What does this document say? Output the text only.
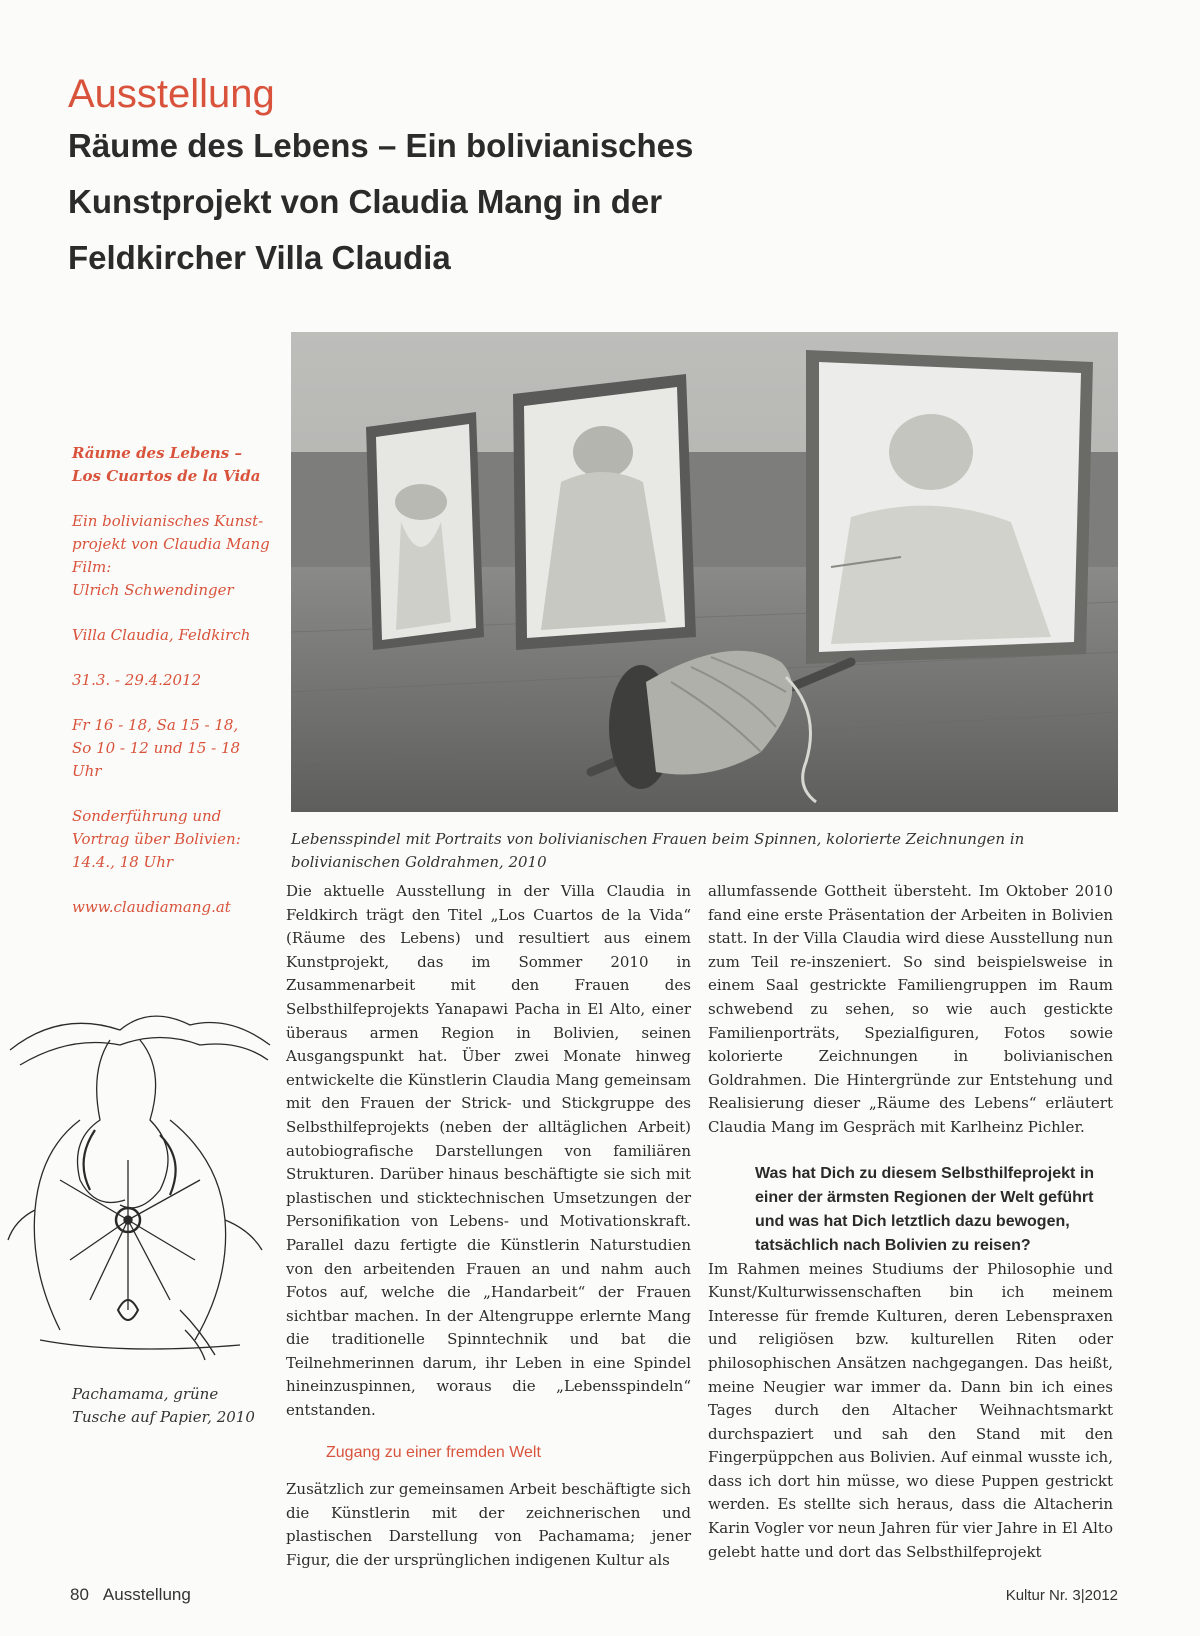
Ausstellung
Räume des Lebens – Ein bolivianisches Kunstprojekt von Claudia Mang in der Feldkircher Villa Claudia

Räume des Lebens – Los Cuartos de la Vida

Ein bolivianisches Kunst-projekt von Claudia Mang
Film:
Ulrich Schwendinger

Villa Claudia, Feldkirch

31.3. - 29.4.2012

Fr 16 - 18, Sa 15 - 18,
So 10 - 12 und 15 - 18 Uhr

Sonderführung und
Vortrag über Bolivien:
14.4., 18 Uhr

www.claudiamang.at

Lebensspindel mit Portraits von bolivianischen Frauen beim Spinnen, kolorierte Zeichnungen in bolivianischen Goldrahmen, 2010
Pachamama, grüne
Tusche auf Papier, 2010

Die aktuelle Ausstellung in der Villa Claudia in Feldkirch trägt den Titel „Los Cuartos de la Vida“ (Räume des Lebens) und resultiert aus einem Kunstprojekt, das im Sommer 2010 in Zusammenarbeit mit den Frauen des Selbsthilfeprojekts Yanapawi Pacha in El Alto, einer überaus armen Region in Bolivien, seinen Ausgangspunkt hat. Über zwei Monate hinweg entwickelte die Künstlerin Claudia Mang gemeinsam mit den Frauen der Strick- und Stickgruppe des Selbsthilfeprojekts (neben der alltäglichen Arbeit) autobiografische Darstellungen von familiären Strukturen. Darüber hinaus beschäftigte sie sich mit plastischen und sticktechnischen Umsetzungen der Personifikation von Lebens- und Motivationskraft. Parallel dazu fertigte die Künstlerin Naturstudien von den arbeitenden Frauen an und nahm auch Fotos auf, welche die „Handarbeit“ der Frauen sichtbar machen. In der Altengruppe erlernte Mang die traditionelle Spinntechnik und bat die Teilnehmerinnen darum, ihr Leben in eine Spindel hineinzuspinnen, woraus die „Lebensspindeln“ entstanden.

Zugang zu einer fremden Welt

Zusätzlich zur gemeinsamen Arbeit beschäftigte sich die Künstlerin mit der zeichnerischen und plastischen Darstellung von Pachamama; jener Figur, die der ursprünglichen indigenen Kultur als

allumfassende Gottheit übersteht. Im Oktober 2010 fand eine erste Präsentation der Arbeiten in Bolivien statt. In der Villa Claudia wird diese Ausstellung nun zum Teil re-inszeniert. So sind beispielsweise in einem Saal gestrickte Familiengruppen im Raum schwebend zu sehen, so wie auch gestickte Familienporträts, Spezialfiguren, Fotos sowie kolorierte Zeichnungen in bolivianischen Goldrahmen. Die Hintergründe zur Entstehung und Realisierung dieser „Räume des Lebens“ erläutert Claudia Mang im Gespräch mit Karlheinz Pichler.

Was hat Dich zu diesem Selbsthilfeprojekt in einer der ärmsten Regionen der Welt geführt und was hat Dich letztlich dazu bewogen, tatsächlich nach Bolivien zu reisen?

Im Rahmen meines Studiums der Philosophie und Kunst/Kulturwissenschaften bin ich meinem Interesse für fremde Kulturen, deren Lebenspraxen und religiösen bzw. kulturellen Riten oder philosophischen Ansätzen nachgegangen. Das heißt, meine Neugier war immer da. Dann bin ich eines Tages durch den Altacher Weihnachtsmarkt durchspaziert und sah den Stand mit den Fingerpüppchen aus Bolivien. Auf einmal wusste ich, dass ich dort hin müsse, wo diese Puppen gestrickt werden. Es stellte sich heraus, dass die Altacherin Karin Vogler vor neun Jahren für vier Jahre in El Alto gelebt hatte und dort das Selbsthilfeprojekt

80 Ausstellung	Kultur Nr. 3|2012
